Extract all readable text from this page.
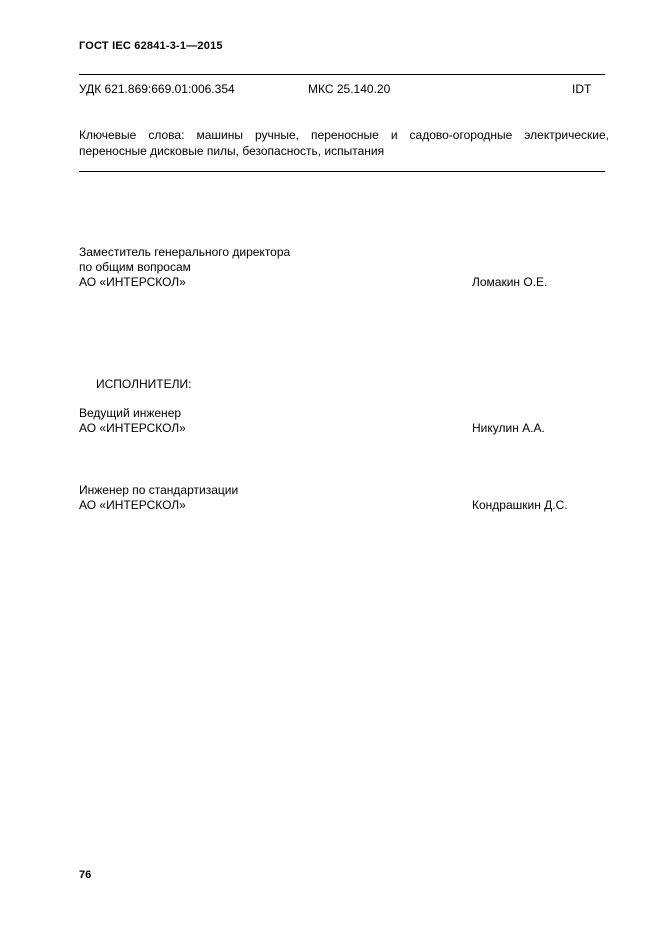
ГОСТ IEC 62841-3-1—2015
УДК 621.869:669.01:006.354	МКС 25.140.20	IDT
Ключевые слова: машины ручные, переносные и садово-огородные электрические, переносные дисковые пилы, безопасность, испытания
Заместитель генерального директора
по общим вопросам
АО «ИНТЕРСКОЛ»	Ломакин О.Е.
ИСПОЛНИТЕЛИ:
Ведущий инженер
АО «ИНТЕРСКОЛ»	Никулин А.А.
Инженер по стандартизации
АО «ИНТЕРСКОЛ»	Кондрашкин Д.С.
76
